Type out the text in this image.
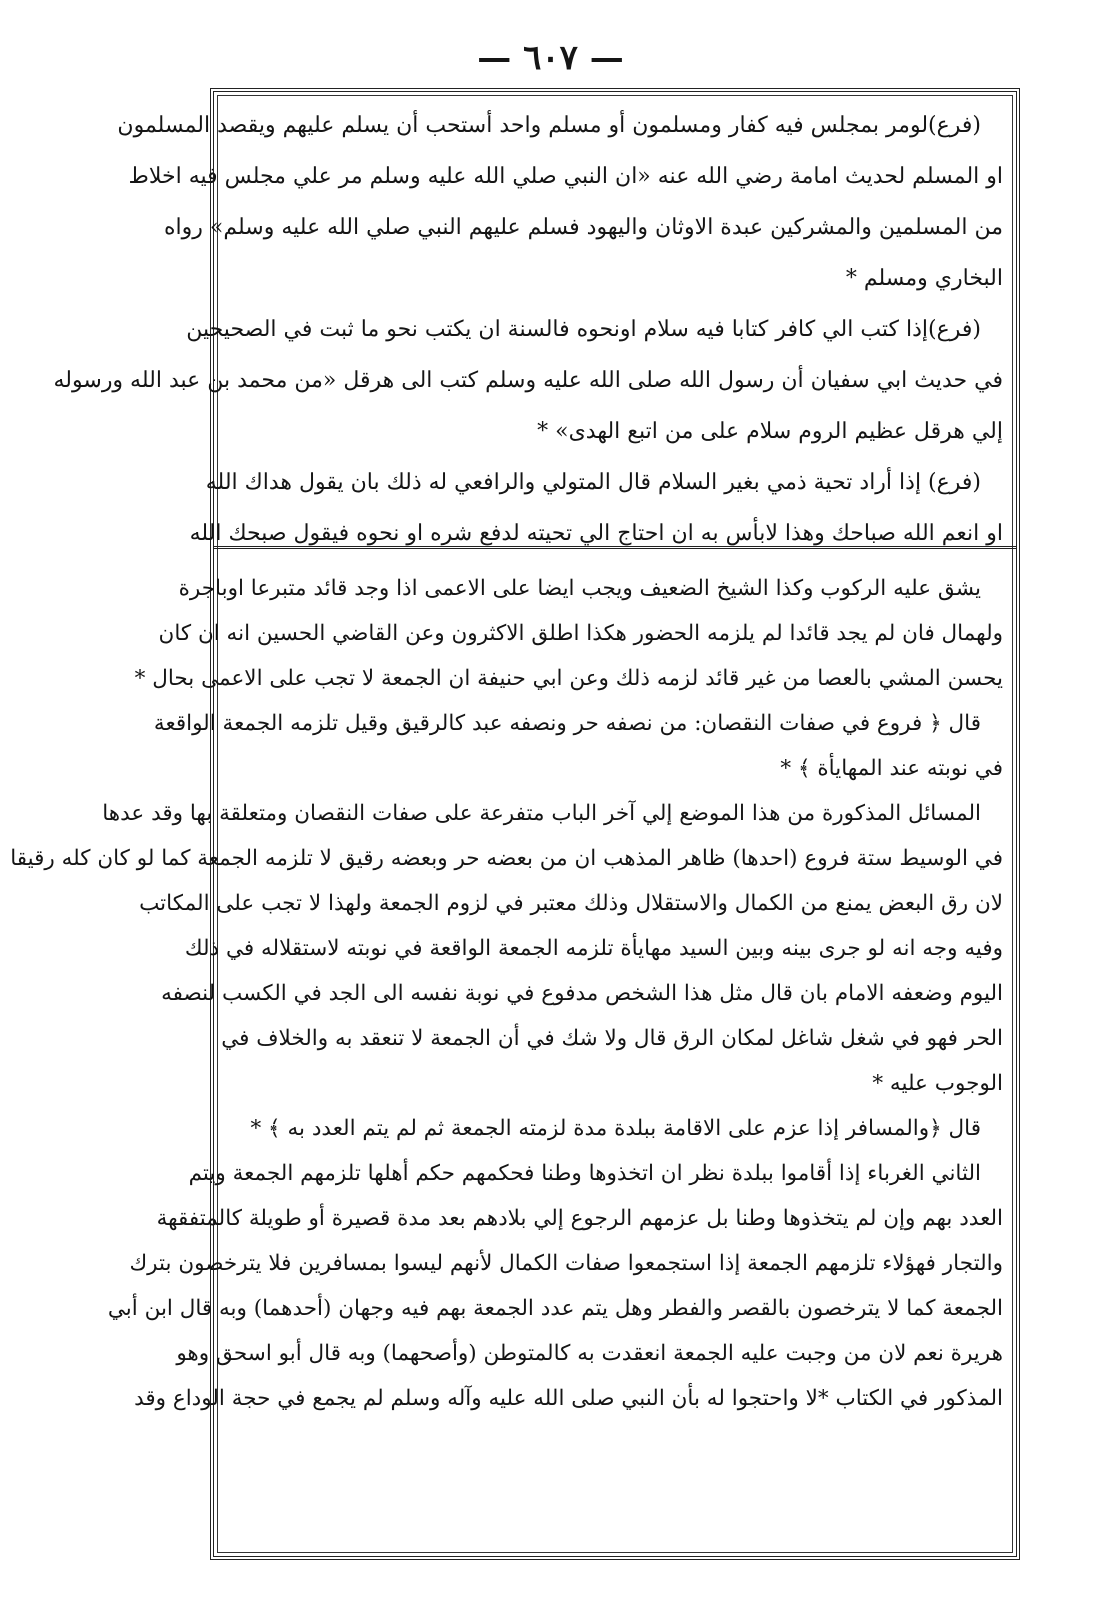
— ٦٠٧ —

(فرع)لومر بمجلس فيه كفار ومسلمون أو مسلم واحد أستحب أن يسلم عليهم ويقصد المسلمون
او المسلم لحديث امامة رضي الله عنه «ان النبي صلي الله عليه وسلم مر علي مجلس فيه اخلاط
من المسلمين والمشركين عبدة الاوثان واليهود فسلم عليهم النبي صلي الله عليه وسلم» رواه
البخاري ومسلم *

(فرع)إذا كتب الي كافر كتابا فيه سلام اونحوه فالسنة ان يكتب نحو ما ثبت في الصحيحين
في حديث ابي سفيان أن رسول الله صلى الله عليه وسلم كتب الى هرقل «من محمد بن عبد الله ورسوله
إلي هرقل عظيم الروم سلام على من اتبع الهدى» *

(فرع) إذا أراد تحية ذمي بغير السلام قال المتولي والرافعي له ذلك بان يقول هداك الله
او انعم الله صباحك وهذا لابأس به ان احتاج الي تحيته لدفع شره او نحوه فيقول صبحك الله

يشق عليه الركوب وكذا الشيخ الضعيف ويجب ايضا على الاعمى اذا وجد قائد متبرعا اوباجرة
ولهمال فان لم يجد قائدا لم يلزمه الحضور هكذا اطلق الاكثرون وعن القاضي الحسين انه ان كان
يحسن المشي بالعصا من غير قائد لزمه ذلك وعن ابي حنيفة ان الجمعة لا تجب على الاعمى بحال *

قال ﴿ فروع في صفات النقصان: من نصفه حر ونصفه عبد كالرقيق وقيل تلزمه الجمعة الواقعة
في نوبته عند المهايأة ﴾ *

المسائل المذكورة من هذا الموضع إلي آخر الباب متفرعة على صفات النقصان ومتعلقة بها وقد عدها
في الوسيط ستة فروع (احدها) ظاهر المذهب ان من بعضه حر وبعضه رقيق لا تلزمه الجمعة كما لو كان كله رقيقا
لان رق البعض يمنع من الكمال والاستقلال وذلك معتبر في لزوم الجمعة ولهذا لا تجب على المكاتب
وفيه وجه انه لو جرى بينه وبين السيد مهايأة تلزمه الجمعة الواقعة في نوبته لاستقلاله في ذلك
اليوم وضعفه الامام بان قال مثل هذا الشخص مدفوع في نوبة نفسه الى الجد في الكسب لنصفه
الحر فهو في شغل شاغل لمكان الرق قال ولا شك في أن الجمعة لا تنعقد به والخلاف في
الوجوب عليه *

قال ﴿والمسافر إذا عزم على الاقامة ببلدة مدة لزمته الجمعة ثم لم يتم العدد به ﴾ *

الثاني الغرباء إذا أقاموا ببلدة نظر ان اتخذوها وطنا فحكمهم حكم أهلها تلزمهم الجمعة ويتم
العدد بهم وإن لم يتخذوها وطنا بل عزمهم الرجوع إلي بلادهم بعد مدة قصيرة أو طويلة كالمتفقهة
والتجار فهؤلاء تلزمهم الجمعة إذا استجمعوا صفات الكمال لأنهم ليسوا بمسافرين فلا يترخصون بترك
الجمعة كما لا يترخصون بالقصر والفطر وهل يتم عدد الجمعة بهم فيه وجهان (أحدهما) وبه قال ابن أبي
هريرة نعم لان من وجبت عليه الجمعة انعقدت به كالمتوطن (وأصحهما) وبه قال أبو اسحق وهو
المذكور في الكتاب *لا واحتجوا له بأن النبي صلى الله عليه وآله وسلم لم يجمع في حجة الوداع وقد
